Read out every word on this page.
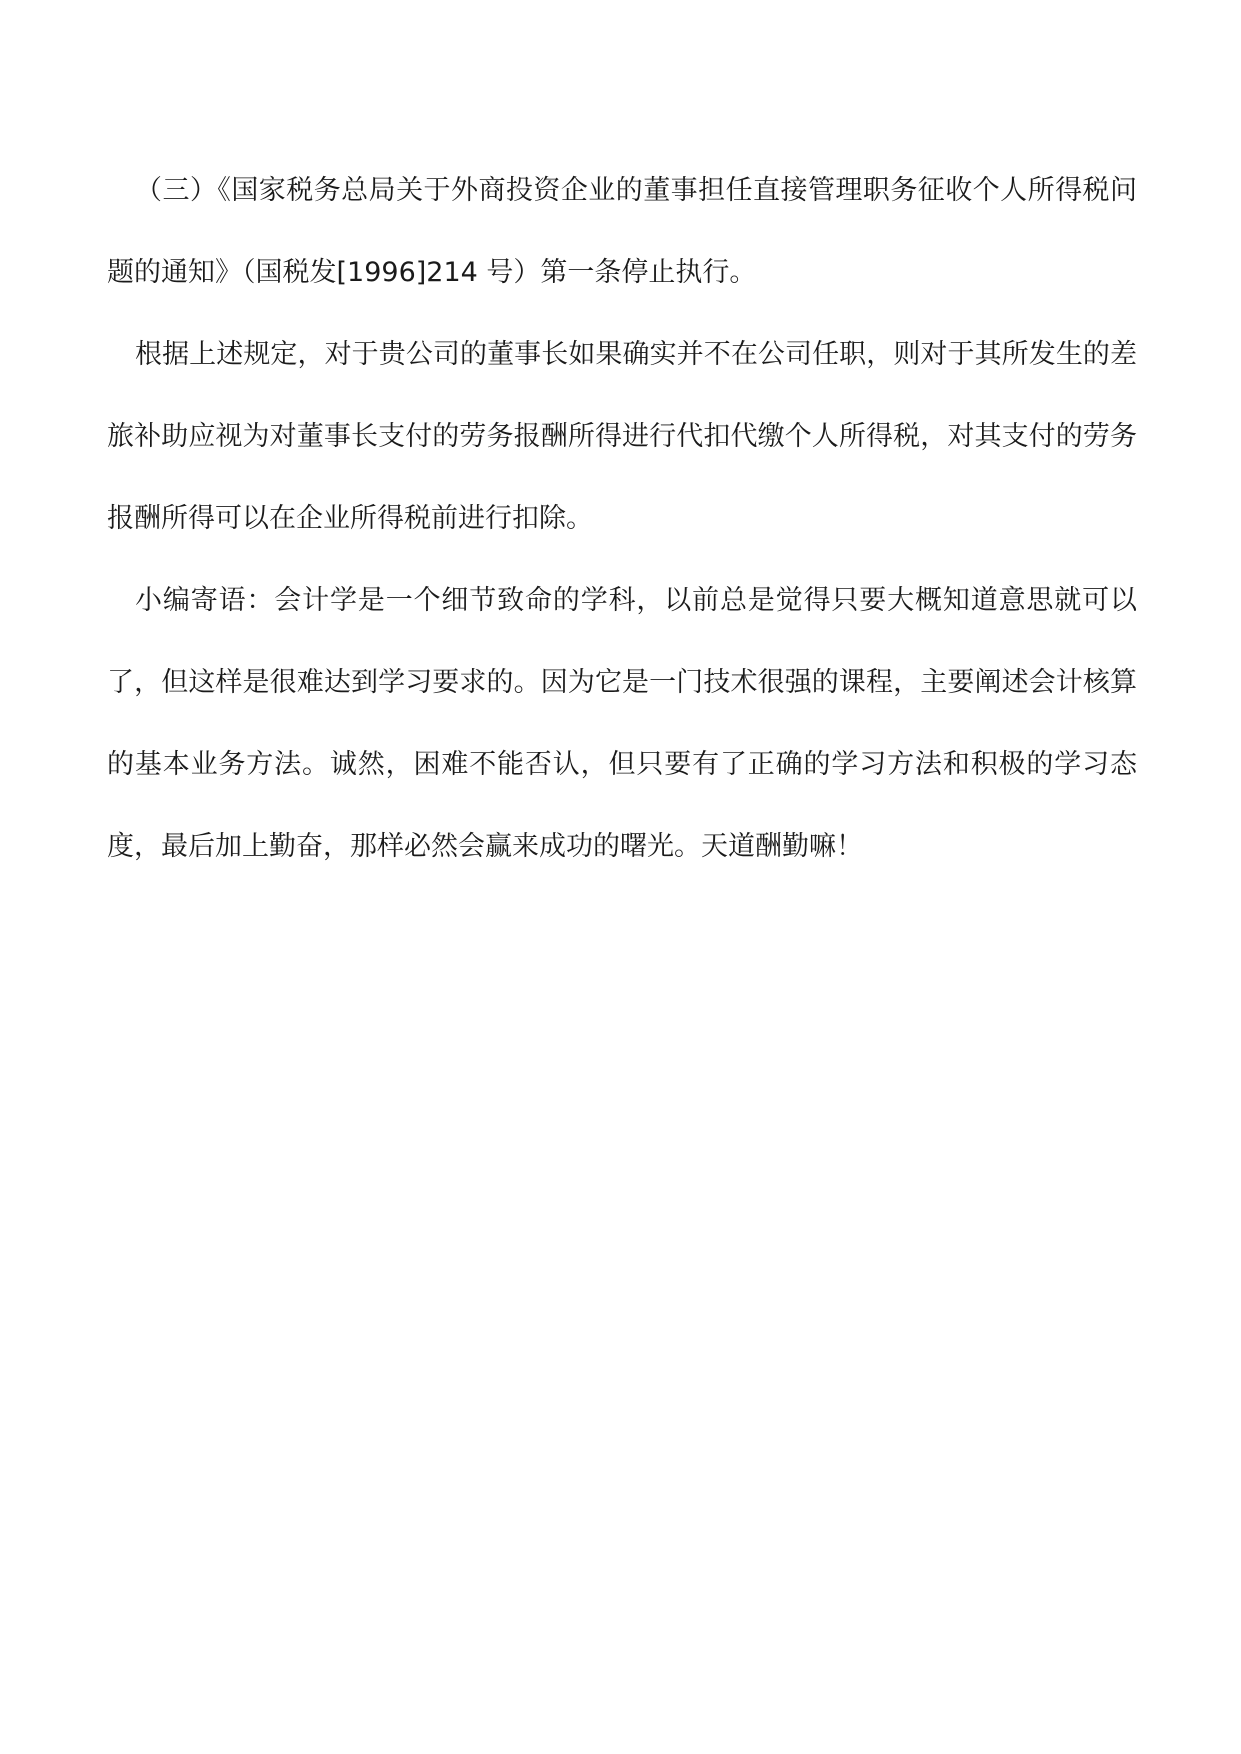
（三）《国家税务总局关于外商投资企业的董事担任直接管理职务征收个人所得税问题的通知》（国税发[1996]214 号）第一条停止执行。

根据上述规定，对于贵公司的董事长如果确实并不在公司任职，则对于其所发生的差旅补助应视为对董事长支付的劳务报酬所得进行代扣代缴个人所得税，对其支付的劳务报酬所得可以在企业所得税前进行扣除。

小编寄语：会计学是一个细节致命的学科，以前总是觉得只要大概知道意思就可以了，但这样是很难达到学习要求的。因为它是一门技术很强的课程，主要阐述会计核算的基本业务方法。诚然，困难不能否认，但只要有了正确的学习方法和积极的学习态度，最后加上勤奋，那样必然会赢来成功的曙光。天道酬勤嘛！
